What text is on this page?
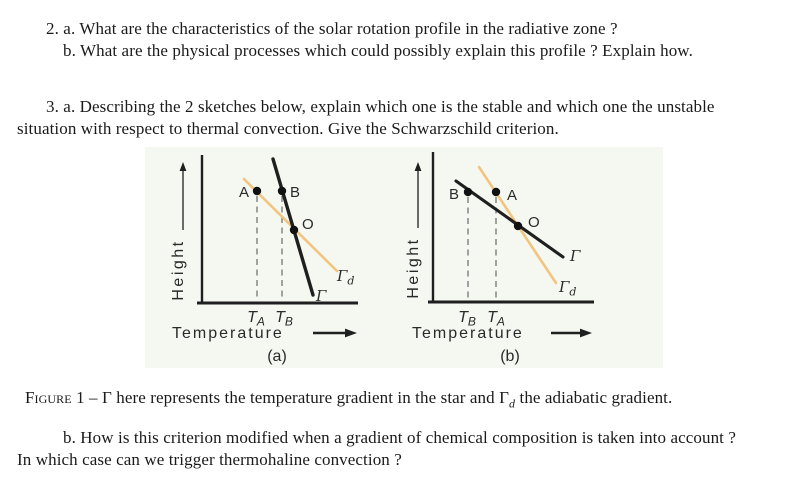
2. a. What are the characteristics of the solar rotation profile in the radiative zone ?
b. What are the physical processes which could possibly explain this profile ? Explain how.
3. a. Describing the 2 sketches below, explain which one is the stable and which one the unstable
situation with respect to thermal convection. Give the Schwarzschild criterion.
Height
A	B
O
Γ
$\Gamma_d$
$T_A$ $T_B$
Temperature
(a)
Height
B	A
O
Γ
$\Gamma_d$
$T_B$ $T_A$
Temperature
(b)
Figure 1 – Γ here represents the temperature gradient in the star and $\Gamma_d$ the adiabatic gradient.
b. How is this criterion modified when a gradient of chemical composition is taken into account ?
In which case can we trigger thermohaline convection ?
